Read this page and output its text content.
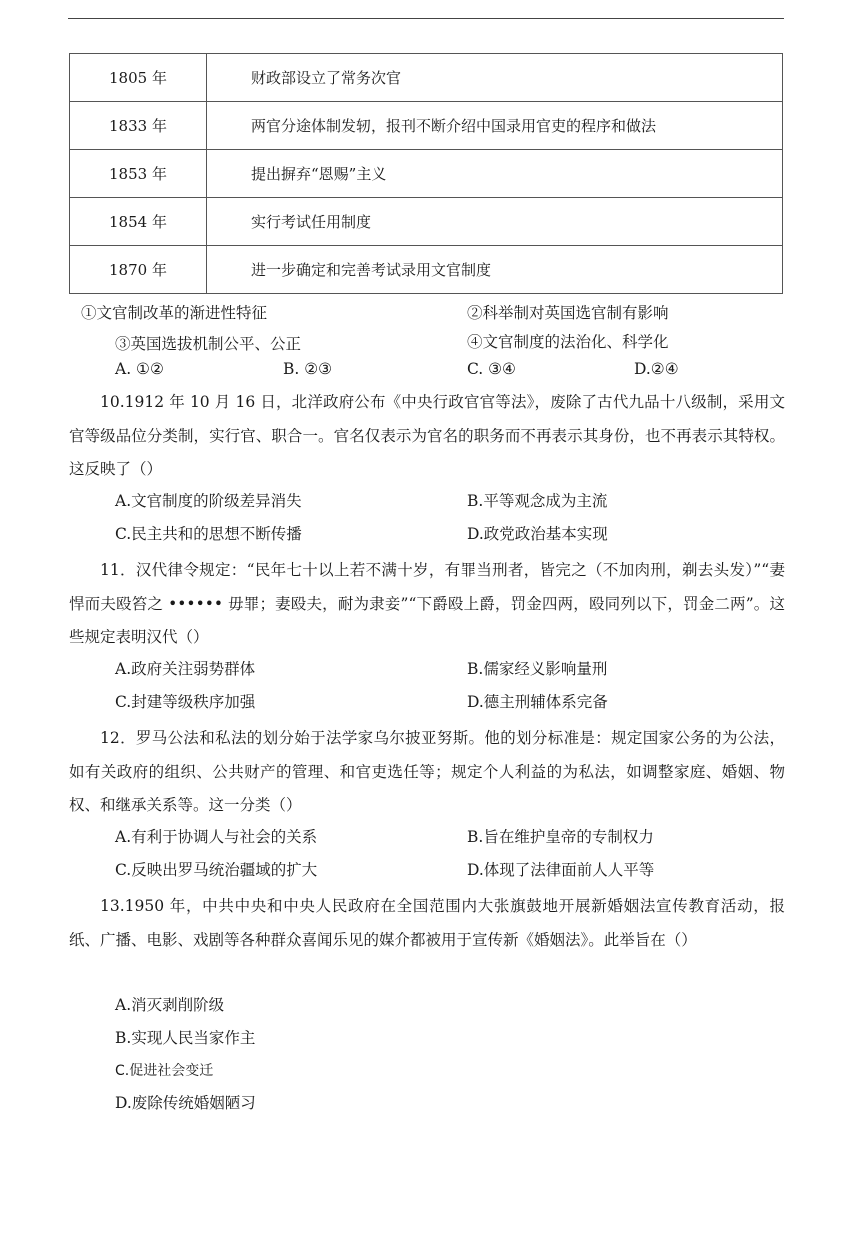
1805 年	财政部设立了常务次官
1833 年	两官分途体制发轫，报刊不断介绍中国录用官吏的程序和做法
1853 年	提出摒弃“恩赐”主义
1854 年	实行考试任用制度
1870 年	进一步确定和完善考试录用文官制度
①文官制改革的渐进性特征	②科举制对英国选官制有影响
③英国选拔机制公平、公正	④文官制度的法治化、科学化
A. ①②	B. ②③	C. ③④	D.②④
10.1912 年 10 月 16 日，北洋政府公布《中央行政官官等法》，废除了古代九品十八级制，采用文官等级品位分类制，实行官、职合一。官名仅表示为官名的职务而不再表示其身份，也不再表示其特权。这反映了（）
A.文官制度的阶级差异消失	B.平等观念成为主流
C.民主共和的思想不断传播	D.政党政治基本实现
11．汉代律令规定：“民年七十以上若不满十岁，有罪当刑者，皆完之（不加肉刑，剃去头发）”“妻悍而夫殴笞之 •••••• 毋罪；妻殴夫，耐为隶妾”“下爵殴上爵，罚金四两，殴同列以下，罚金二两”。这些规定表明汉代（）
A.政府关注弱势群体	B.儒家经义影响量刑
C.封建等级秩序加强	D.德主刑辅体系完备
12．罗马公法和私法的划分始于法学家乌尔披亚努斯。他的划分标准是：规定国家公务的为公法，如有关政府的组织、公共财产的管理、和官吏选任等；规定个人利益的为私法，如调整家庭、婚姻、物权、和继承关系等。这一分类（）
A.有利于协调人与社会的关系	B.旨在维护皇帝的专制权力
C.反映出罗马统治疆域的扩大	D.体现了法律面前人人平等
13.1950 年，中共中央和中央人民政府在全国范围内大张旗鼓地开展新婚姻法宣传教育活动，报纸、广播、电影、戏剧等各种群众喜闻乐见的媒介都被用于宣传新《婚姻法》。此举旨在（）
A.消灭剥削阶级
B.实现人民当家作主
C.促进社会变迁
D.废除传统婚姻陋习
